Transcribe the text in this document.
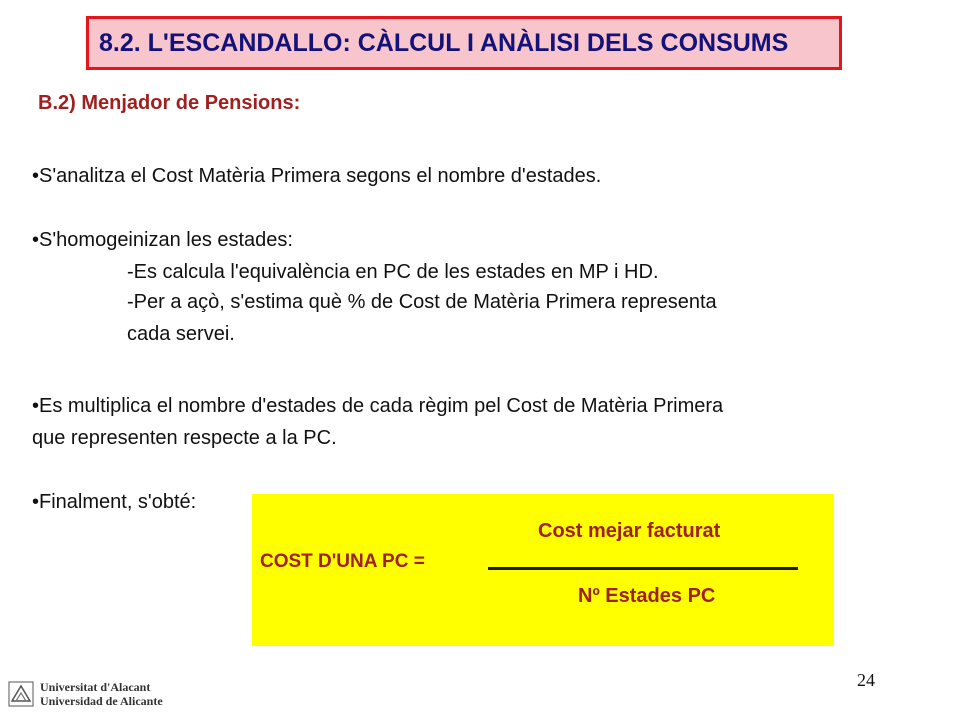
8.2. L'ESCANDALLO: CÀLCUL I ANÀLISI DELS CONSUMS
B.2) Menjador de Pensions:
•S'analitza el Cost Matèria Primera segons el nombre d'estades.
•S'homogeinizan les estades:
-Es calcula l'equivalència en PC de les estades en MP i HD.
-Per a açò, s'estima què % de Cost de Matèria Primera representa
cada servei.
•Es multiplica el nombre d'estades de cada règim pel Cost de Matèria Primera
que representen respecte a la PC.
•Finalment, s'obté:
Cost mejar facturat
COST D'UNA PC =
Nº Estades PC
24
Universitat d'Alacant
Universidad de Alicante
